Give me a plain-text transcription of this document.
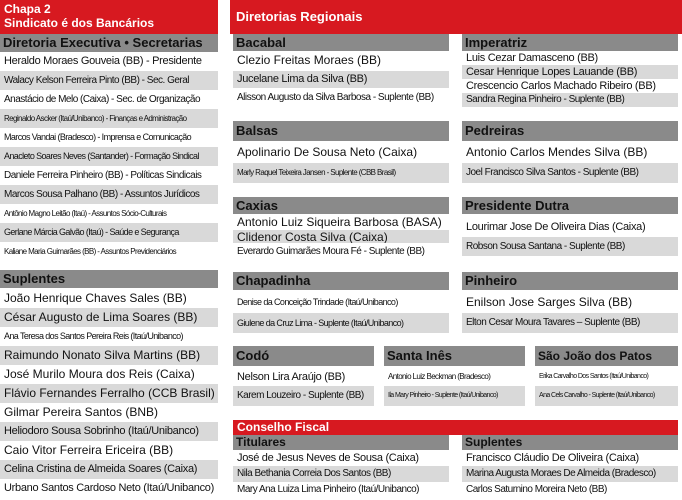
Chapa 2
Sindicato é dos Bancários
Diretoria Executiva • Secretarias
Heraldo Moraes Gouveia (BB) - Presidente
Walacy Kelson Ferreira Pinto (BB) - Sec. Geral
Anastácio de Melo (Caixa) - Sec. de Organização
Reginaldo Ascker (Itaú/Unibanco) - Finanças e Administração
Marcos Vandai (Bradesco) - Imprensa e Comunicação
Anacleto Soares Neves (Santander) - Formação Sindical
Daniele Ferreira Pinheiro (BB) - Políticas Sindicais
Marcos Sousa Palhano (BB) - Assuntos Jurídicos
Antônio Magno Leitão (Itaú) - Assuntos Sócio-Culturais
Gerlane Márcia Galvão (Itaú) - Saúde e Segurança
Kaliane Maria Guimarães (BB) - Assuntos Previdenciários
Suplentes
João Henrique Chaves Sales (BB)
César Augusto de Lima Soares (BB)
Ana Teresa dos Santos Pereira Reis (Itaú/Unibanco)
Raimundo Nonato Silva Martins (BB)
José Murilo Moura dos Reis (Caixa)
Flávio Fernandes Ferralho (CCB Brasil)
Gilmar Pereira Santos (BNB)
Heliodoro Sousa Sobrinho (Itaú/Unibanco)
Caio Vitor Ferreira Ericeira (BB)
Celina Cristina de Almeida Soares (Caixa)
Urbano Santos Cardoso Neto (Itaú/Unibanco)
Diretorias Regionais
Bacabal
Clezio Freitas Moraes (BB)
Jucelane Lima da Silva (BB)
Alisson Augusto da Silva Barbosa - Suplente (BB)
Imperatriz
Luis Cezar Damasceno (BB)
Cesar Henrique Lopes Lauande (BB)
Crescencio Carlos Machado Ribeiro (BB)
Sandra Regina Pinheiro - Suplente (BB)
Balsas
Apolinario De Sousa Neto (Caixa)
Marly Raquel Teixeira Jansen - Suplente (CBB Brasil)
Pedreiras
Antonio Carlos Mendes Silva (BB)
Joel Francisco Silva Santos - Suplente (BB)
Caxias
Antonio Luiz Siqueira Barbosa (BASA)
Clidenor Costa Silva (Caixa)
Everardo Guimarães Moura Fé - Suplente (BB)
Presidente Dutra
Lourimar Jose De Oliveira Dias (Caixa)
Robson Sousa Santana - Suplente (BB)
Chapadinha
Denise da Conceição Trindade (Itaú/Unibanco)
Giulene da Cruz Lima - Suplente (Itaú/Unibanco)
Pinheiro
Enilson Jose Sarges Silva (BB)
Elton Cesar Moura Tavares – Suplente (BB)
Codó
Nelson Lira Araújo (BB)
Karem Louzeiro - Suplente (BB)
Santa Inês
Antonio Luiz Beckman (Bradesco)
Ila Mary Pinheiro - Suplente (Itaú/Unibanco)
São João dos Patos
Erika Carvalho Dos Santos (Itaú/Unibanco)
Ana Cels Carvalho - Suplente (Itaú/Unibanco)
Conselho Fiscal
Titulares
José de Jesus Neves de Sousa (Caixa)
Nila Bethania Correia Dos Santos (BB)
Mary Ana Luiza Lima Pinheiro (Itaú/Unibanco)
Suplentes
Francisco Cláudio De Oliveira (Caixa)
Marina Augusta Moraes De Almeida (Bradesco)
Carlos Saturnino Moreira Neto (BB)
